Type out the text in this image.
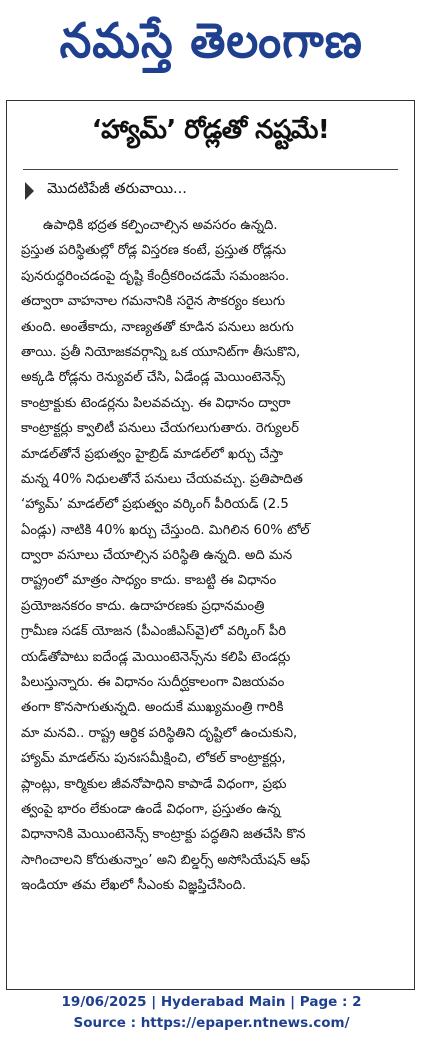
నమస్తే తెలంగాణ
‘హ్యామ్’ రోడ్లతో నష్టమే!
మొదటిపేజీ తరువాయి...
ఉపాధికి భద్రత కల్పించాల్సిన అవసరం ఉన్నది.
ప్రస్తుత పరిస్థితుల్లో రోడ్ల విస్తరణ కంటే, ప్రస్తుత రోడ్లను
పునరుద్ధరించడంపై దృష్టి కేంద్రీకరించడమే సమంజసం.
తద్వారా వాహనాల గమనానికి సరైన సౌకర్యం కలుగు
తుంది. అంతేకాదు, నాణ్యతతో కూడిన పనులు జరుగు
తాయి. ప్రతీ నియోజకవర్గాన్ని ఒక యూనిట్‌గా తీసుకొని,
అక్కడి రోడ్లను రెన్యువల్ చేసి, ఏడేండ్ల మెయింటెనెన్స్
కాంట్రాక్టుకు టెండర్లను పిలవవచ్చు. ఈ విధానం ద్వారా
కాంట్రాక్టర్లు క్వాలిటీ పనులు చేయగలుగుతారు. రెగ్యులర్
మాడల్‌తోనే ప్రభుత్వం హైబ్రిడ్ మాడల్‌లో ఖర్చు చేస్తా
మన్న 40% నిధులతోనే పనులు చేయవచ్చు. ప్రతిపాదిత
‘హ్యామ్’ మాడల్‌లో ప్రభుత్వం వర్కింగ్ పీరియడ్ (2.5
ఏండ్లు) నాటికి 40% ఖర్చు చేస్తుంది. మిగిలిన 60% టోల్
ద్వారా వసూలు చేయాల్సిన పరిస్థితి ఉన్నది. అది మన
రాష్ట్రంలో మాత్రం సాధ్యం కాదు. కాబట్టి ఈ విధానం
ప్రయోజనకరం కాదు. ఉదాహరణకు ప్రధానమంత్రి
గ్రామీణ సడక్ యోజన (పీఎంజీఎస్‌వై)లో వర్కింగ్ పీరి
యడ్‌తోపాటు ఐదేండ్ల మెయింటెనెన్స్‌ను కలిపి టెండర్లు
పిలుస్తున్నారు. ఈ విధానం సుదీర్ఘకాలంగా విజయవం
తంగా కొనసాగుతున్నది. అందుకే ముఖ్యమంత్రి గారికి
మా మనవి.. రాష్ట్ర ఆర్థిక పరిస్థితిని దృష్టిలో ఉంచుకుని,
హ్యామ్ మాడల్‌ను పునఃసమీక్షించి, లోకల్ కాంట్రాక్టర్లు,
ప్లాంట్లు, కార్మికుల జీవనోపాధిని కాపాడే విధంగా, ప్రభు
త్వంపై భారం లేకుండా ఉండే విధంగా, ప్రస్తుతం ఉన్న
విధానానికి మెయింటెనెన్స్ కాంట్రాక్టు పద్ధతిని జతచేసి కొన
సాగించాలని కోరుతున్నాం’ అని బిల్డర్స్ అసోసియేషన్ ఆఫ్
ఇండియా తమ లేఖలో సీఎంకు విజ్ఞప్తిచేసింది.
19/06/2025 | Hyderabad Main | Page : 2
Source : https://epaper.ntnews.com/
